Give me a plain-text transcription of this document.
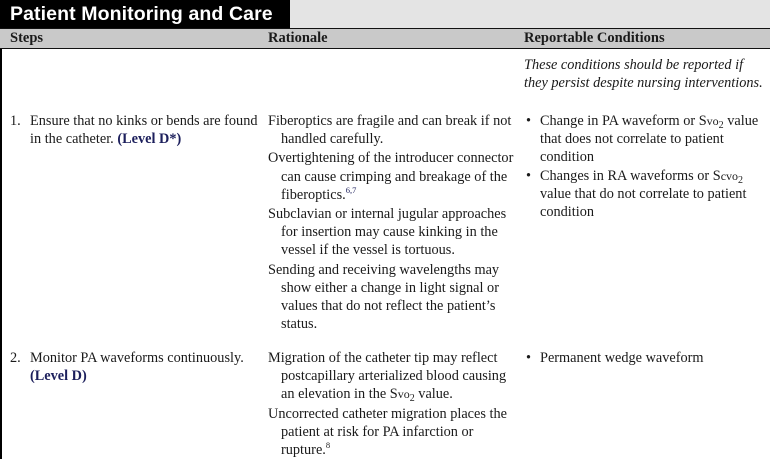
Patient Monitoring and Care
Steps	Rationale	Reportable Conditions

These conditions should be reported if they persist despite nursing interventions.

1. Ensure that no kinks or bends are found in the catheter. (Level D*)

Fiberoptics are fragile and can break if not handled carefully.

Overtightening of the introducer connector can cause crimping and breakage of the fiberoptics.$^{6,7}$

Subclavian or internal jugular approaches for insertion may cause kinking in the vessel if the vessel is tortuous.

Sending and receiving wavelengths may show either a change in light signal or values that do not reflect the patient’s status.

• Change in PA waveform or Svo$_2$ value that does not correlate to patient condition
• Changes in RA waveforms or Scvo$_2$ value that do not correlate to patient condition
2. Monitor PA waveforms continuously. (Level D)

Migration of the catheter tip may reflect postcapillary arterialized blood causing an elevation in the Svo$_2$ value.

Uncorrected catheter migration places the patient at risk for PA infarction or rupture.$^8$

• Permanent wedge waveform
